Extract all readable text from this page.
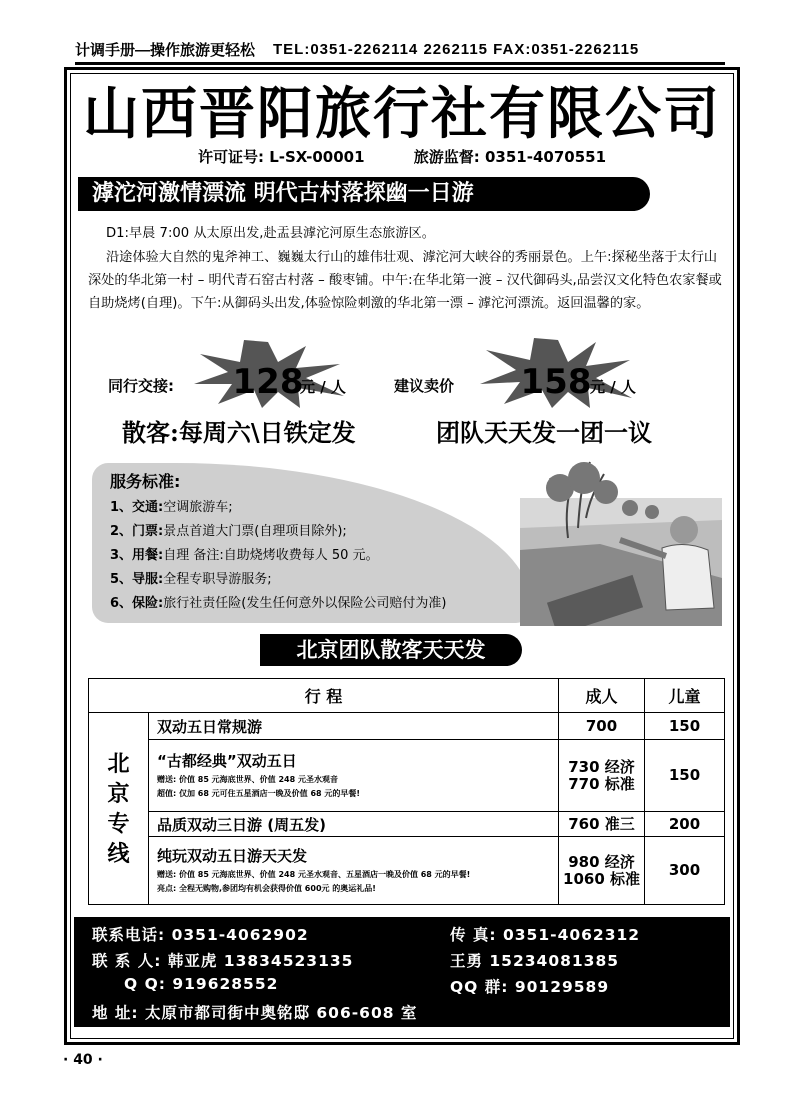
计调手册—操作旅游更轻松 TEL:0351-2262114 2262115 FAX:0351-2262115
山西晋阳旅行社有限公司
许可证号: L-SX-00001	旅游监督: 0351-4070551
滹沱河激情漂流 明代古村落探幽一日游
D1:早晨 7:00 从太原出发,赴盂县滹沱河原生态旅游区。
沿途体验大自然的鬼斧神工、巍巍太行山的雄伟壮观、滹沱河大峡谷的秀丽景色。上午:探秘坐落于太行山深处的华北第一村 – 明代青石窑古村落 – 酸枣铺。中午:在华北第一渡 – 汉代御码头,品尝汉文化特色农家餐或自助烧烤(自理)。下午:从御码头出发,体验惊险刺激的华北第一漂 – 滹沱河漂流。返回温馨的家。
同行交接:	128
元 / 人	建议卖价	158
元 / 人
散客:每周六\日铁定发	团队天天发一团一议
服务标准:
1、交通:空调旅游车;
2、门票:景点首道大门票(自理项目除外);
3、用餐:自理 备注:自助烧烤收费每人 50 元。
5、导服:全程专职导游服务;
6、保险:旅行社责任险(发生任何意外以保险公司赔付为准)
北京团队散客天天发
行 程		成人	儿童
北
京
专
线	双动五日常规游	700	150
	“古都经典”双动五日
赠送: 价值 85 元海底世界、价值 248 元圣水观音
超值: 仅加 68 元可住五星酒店一晚及价值 68 元的早餐!	730 经济
770 标准	150
	品质双动三日游 (周五发)	760 准三	200
	纯玩双动五日游天天发
赠送: 价值 85 元海底世界、价值 248 元圣水观音、五星酒店一晚及价值 68 元的早餐!
亮点: 全程无购物,参团均有机会获得价值 600元 的奥运礼品!	980 经济
1060 标准	300
联系电话: 0351-4062902	传 真: 0351-4062312
联 系 人: 韩亚虎 13834523135	王勇 15234081385
Q Q: 919628552	QQ 群: 90129589
地 址: 太原市都司街中奥铭邸 606-608 室
· 40 ·
